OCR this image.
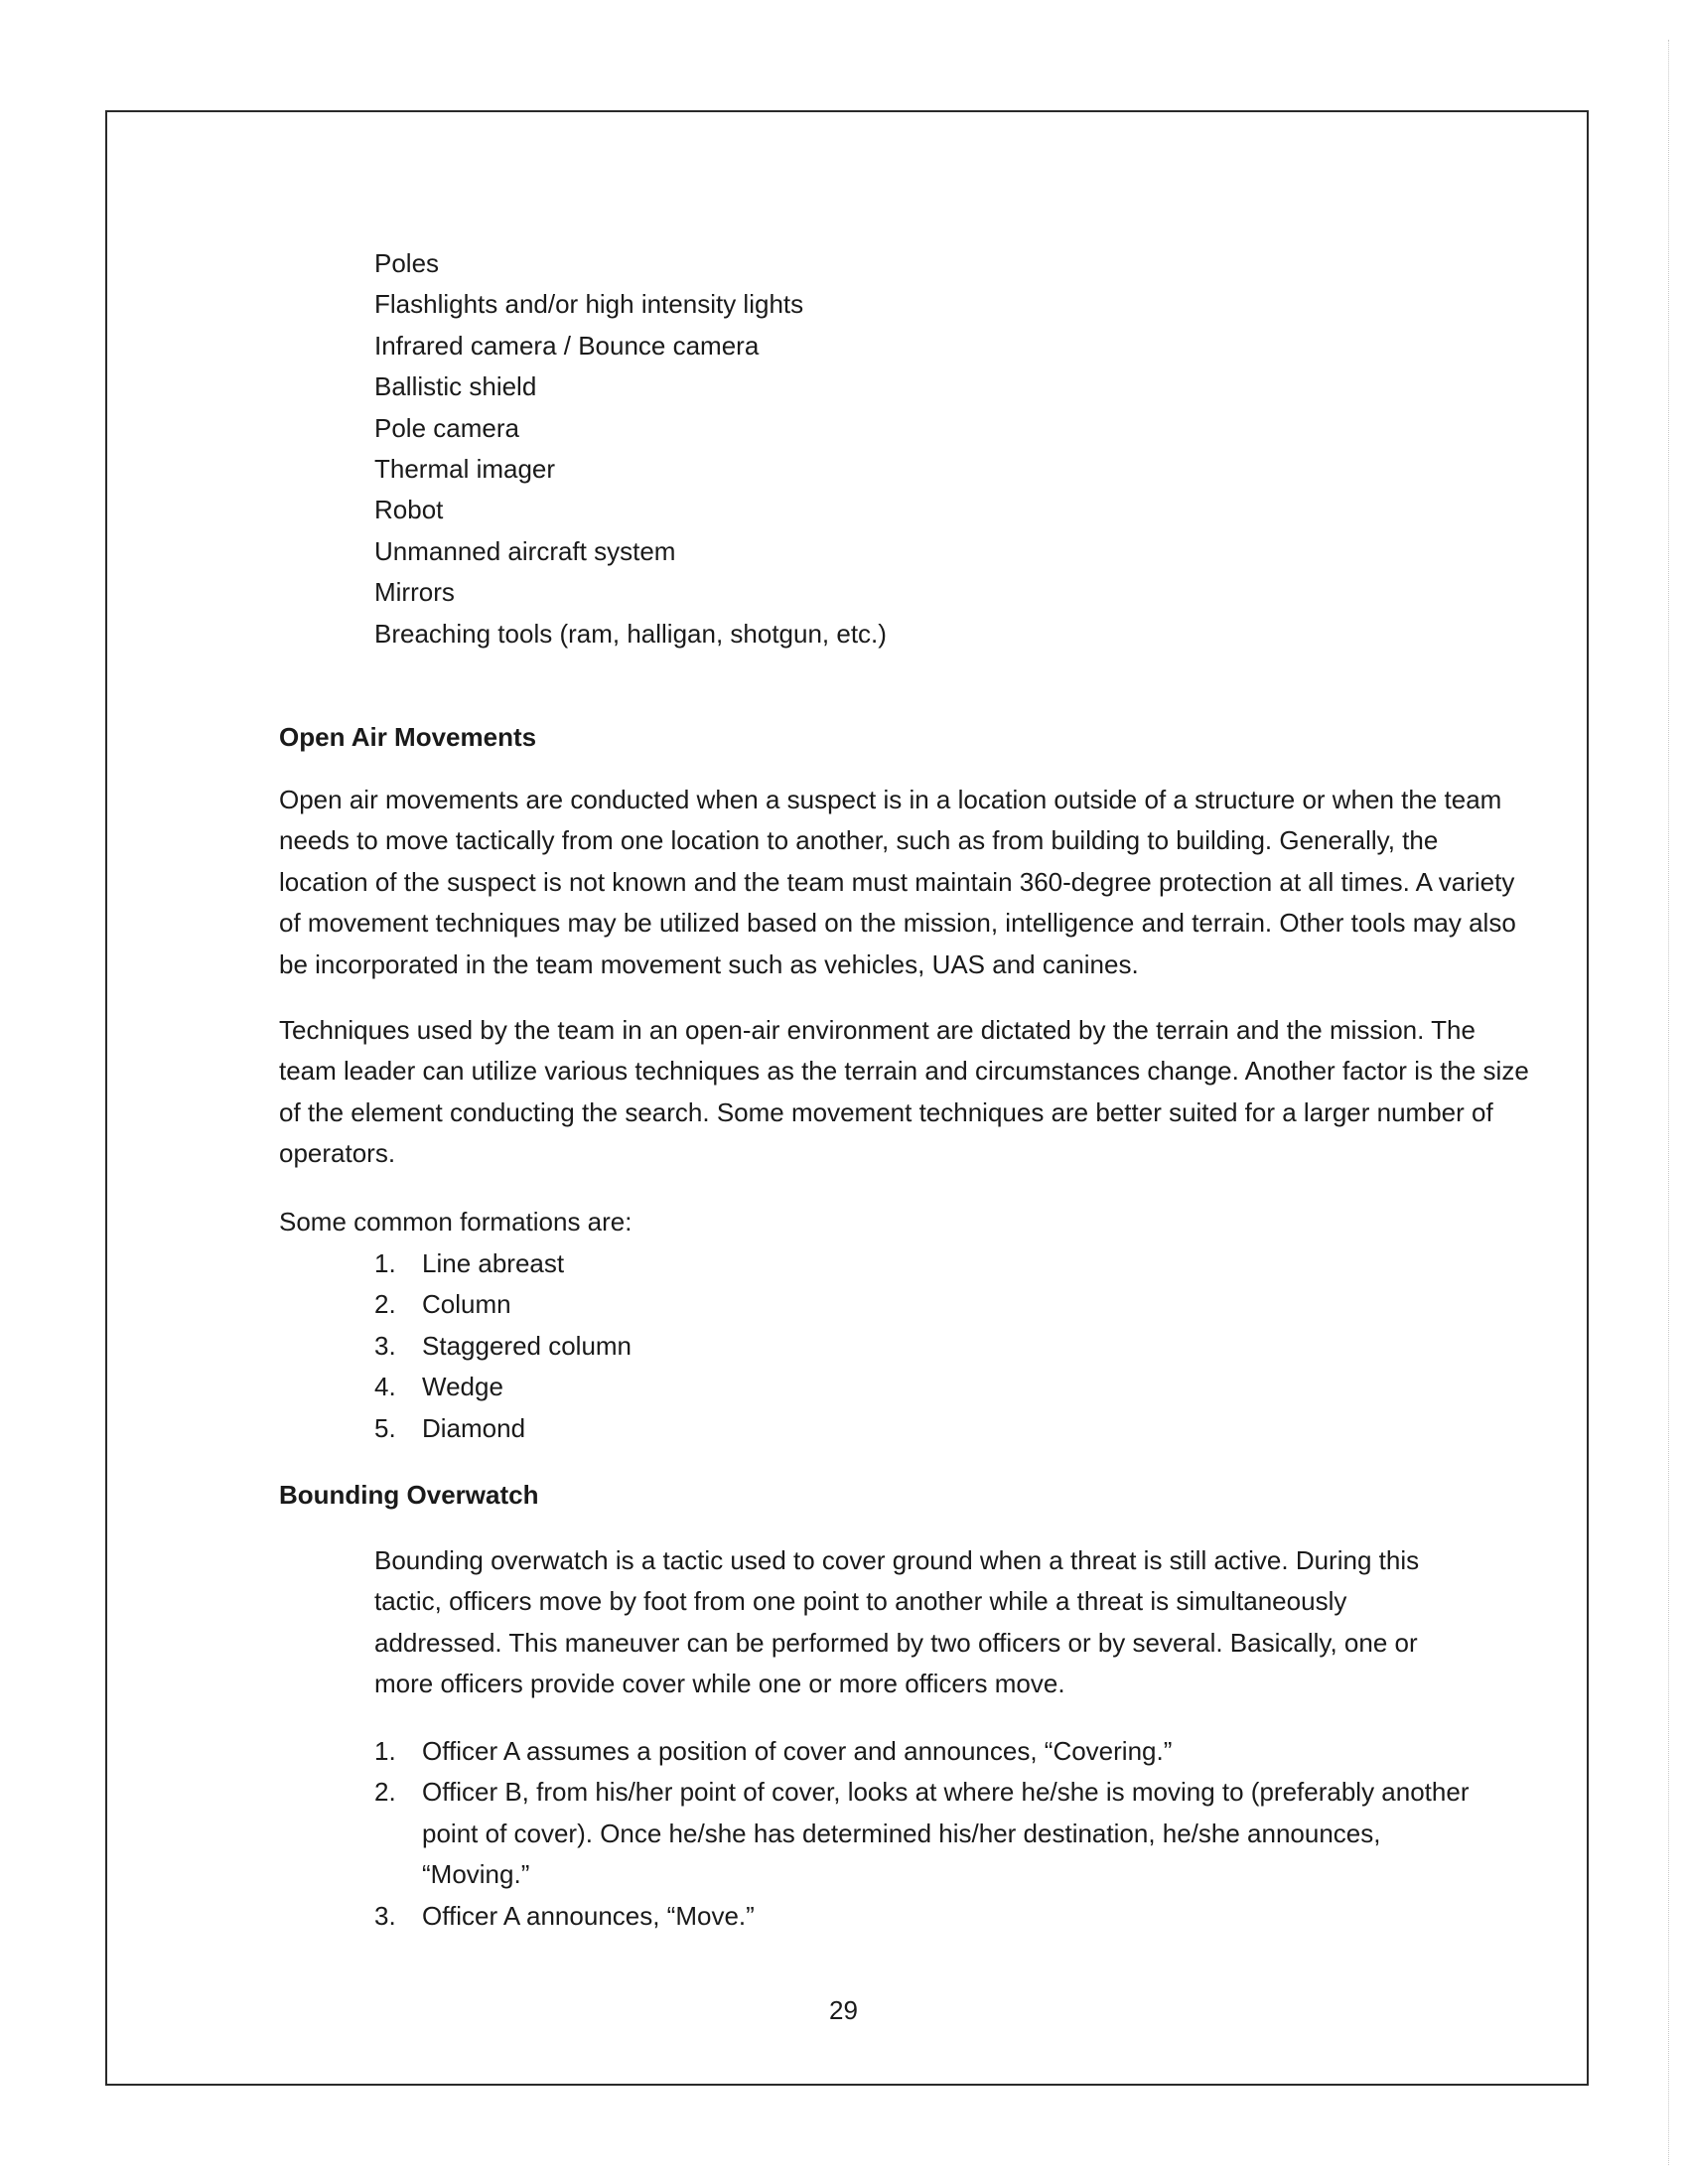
Poles
Flashlights and/or high intensity lights
Infrared camera / Bounce camera
Ballistic shield
Pole camera
Thermal imager
Robot
Unmanned aircraft system
Mirrors
Breaching tools (ram, halligan, shotgun, etc.)
Open Air Movements

Open air movements are conducted when a suspect is in a location outside of a structure or when the team needs to move tactically from one location to another, such as from building to building. Generally, the location of the suspect is not known and the team must maintain 360-degree protection at all times. A variety of movement techniques may be utilized based on the mission, intelligence and terrain. Other tools may also be incorporated in the team movement such as vehicles, UAS and canines.

Techniques used by the team in an open-air environment are dictated by the terrain and the mission. The team leader can utilize various techniques as the terrain and circumstances change. Another factor is the size of the element conducting the search. Some movement techniques are better suited for a larger number of operators.

Some common formations are:
1. Line abreast
2. Column
3. Staggered column
4. Wedge
5. Diamond
Bounding Overwatch

Bounding overwatch is a tactic used to cover ground when a threat is still active. During this tactic, officers move by foot from one point to another while a threat is simultaneously addressed. This maneuver can be performed by two officers or by several. Basically, one or more officers provide cover while one or more officers move.

1. Officer A assumes a position of cover and announces, “Covering.”
2. Officer B, from his/her point of cover, looks at where he/she is moving to (preferably another point of cover). Once he/she has determined his/her destination, he/she announces, “Moving.”
3. Officer A announces, “Move.”
29
